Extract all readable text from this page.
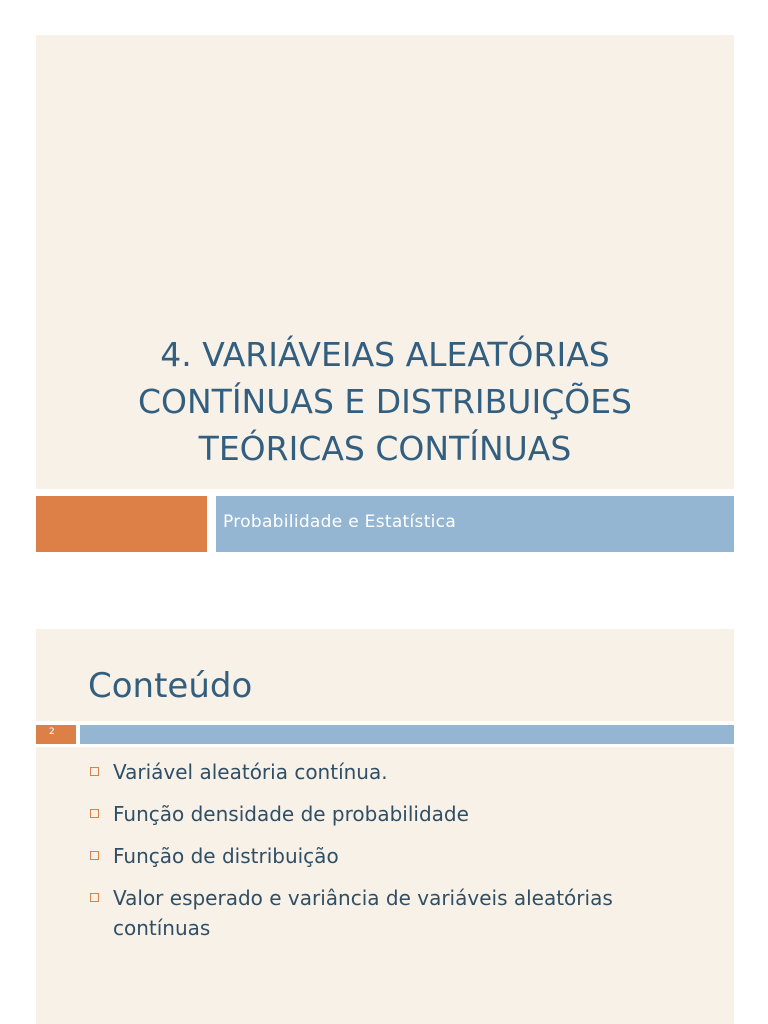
4. VARIÁVEIAS ALEATÓRIAS
CONTÍNUAS E DISTRIBUIÇÕES
TEÓRICAS CONTÍNUAS

Probabilidade e Estatística

Conteúdo

2

Variável aleatória contínua.
Função densidade de probabilidade
Função de distribuição
Valor esperado e variância de variáveis aleatórias contínuas
